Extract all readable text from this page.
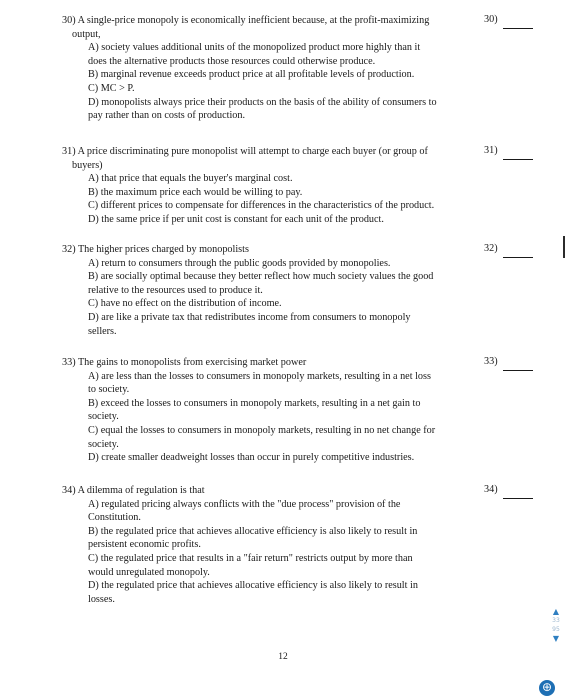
30) A single-price monopoly is economically inefficient because, at the profit-maximizing
output,
A) society values additional units of the monopolized product more highly than it
does the alternative products those resources could otherwise produce.
B) marginal revenue exceeds product price at all profitable levels of production.
C) MC > P.
D) monopolists always price their products on the basis of the ability of consumers to
pay rather than on costs of production.
30)
31) A price discriminating pure monopolist will attempt to charge each buyer (or group of
buyers)
A) that price that equals the buyer's marginal cost.
B) the maximum price each would be willing to pay.
C) different prices to compensate for differences in the characteristics of the product.
D) the same price if per unit cost is constant for each unit of the product.
31)
32) The higher prices charged by monopolists
A) return to consumers through the public goods provided by monopolies.
B) are socially optimal because they better reflect how much society values the good
relative to the resources used to produce it.
C) have no effect on the distribution of income.
D) are like a private tax that redistributes income from consumers to monopoly
sellers.
32)
33) The gains to monopolists from exercising market power
A) are less than the losses to consumers in monopoly markets, resulting in a net loss
to society.
B) exceed the losses to consumers in monopoly markets, resulting in a net gain to
society.
C) equal the losses to consumers in monopoly markets, resulting in no net change for
society.
D) create smaller deadweight losses than occur in purely competitive industries.
33)
34) A dilemma of regulation is that
A) regulated pricing always conflicts with the "due process" provision of the
Constitution.
B) the regulated price that achieves allocative efficiency is also likely to result in
persistent economic profits.
C) the regulated price that results in a "fair return" restricts output by more than
would unregulated monopoly.
D) the regulated price that achieves allocative efficiency is also likely to result in
losses.
34)
12
▲
33
95
▼
⊕
